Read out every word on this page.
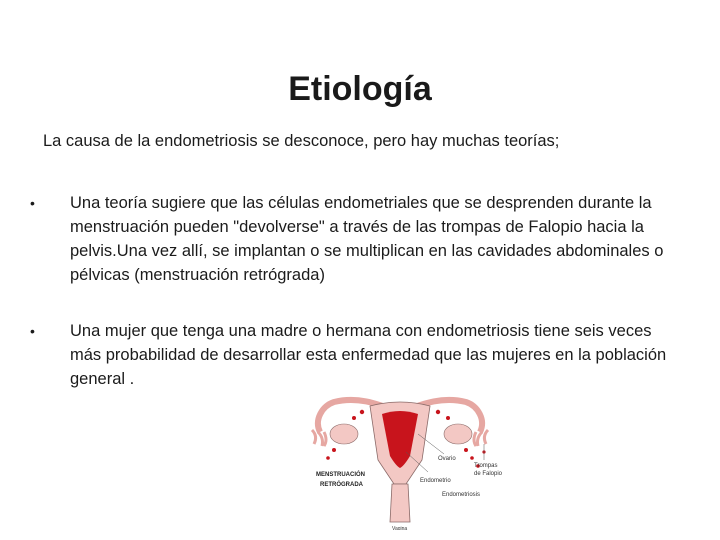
Etiología
La causa de la endometriosis se desconoce, pero hay muchas teorías;
• Una teoría sugiere que las células endometriales que se desprenden durante la menstruación pueden "devolverse" a través de las trompas de Falopio hacia la pelvis.Una vez allí, se implantan o se multiplican en las cavidades abdominales o pélvicas (menstruación retrógrada)
• Una mujer que tenga una madre o hermana con endometriosis tiene seis veces más probabilidad de desarrollar esta enfermedad que las mujeres en la población general .
Ovario
Trompas
de Falopio
Endometrio
MENSTRUACIÓN
RETRÓGRADA
Endometriosis
Vagina
